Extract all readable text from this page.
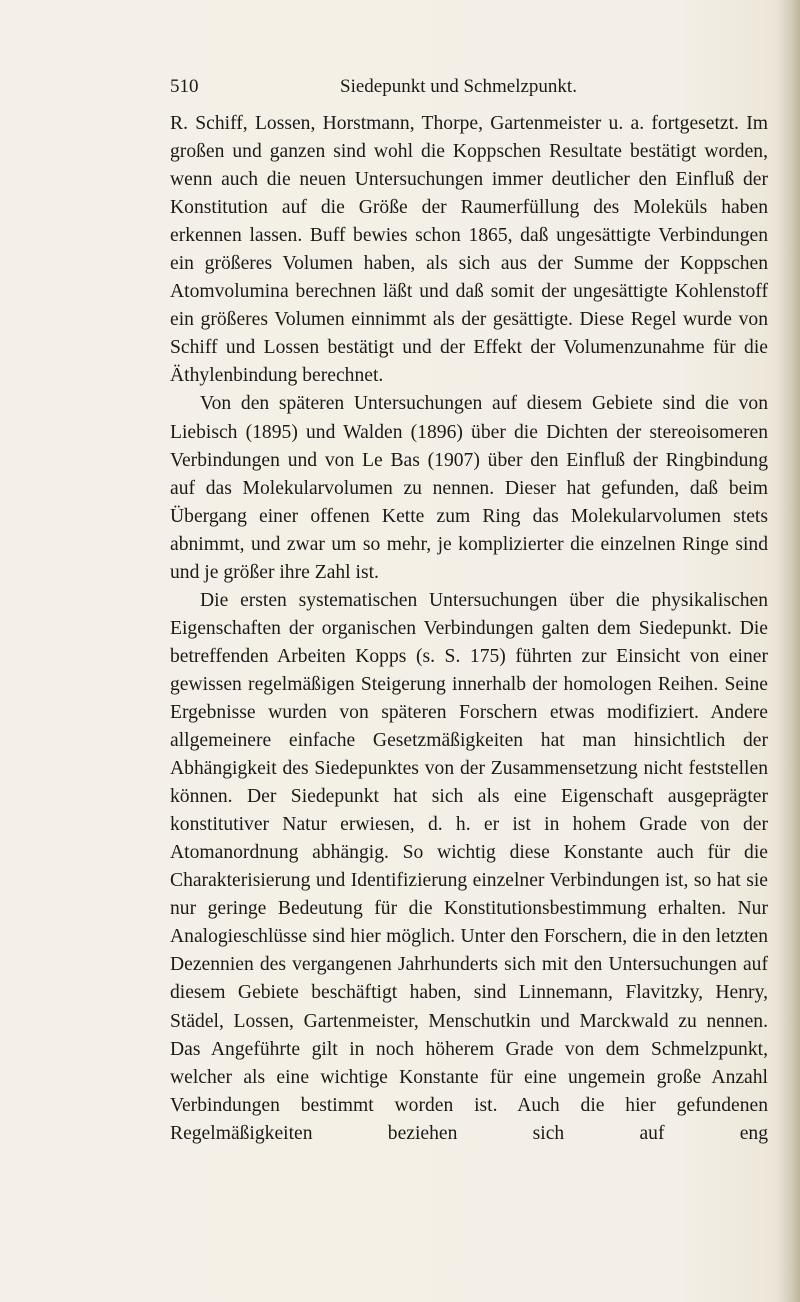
510	Siedepunkt und Schmelzpunkt.

R. Schiff, Lossen, Horstmann, Thorpe, Gartenmeister u. a. fortgesetzt. Im großen und ganzen sind wohl die Koppschen Resultate bestätigt worden, wenn auch die neuen Untersuchungen immer deutlicher den Einfluß der Konstitution auf die Größe der Raumerfüllung des Moleküls haben erkennen lassen. Buff bewies schon 1865, daß ungesättigte Verbindungen ein größeres Volumen haben, als sich aus der Summe der Koppschen Atomvolumina berechnen läßt und daß somit der ungesättigte Kohlenstoff ein größeres Volumen einnimmt als der gesättigte. Diese Regel wurde von Schiff und Lossen bestätigt und der Effekt der Volumenzunahme für die Äthylenbindung berechnet.

Von den späteren Untersuchungen auf diesem Gebiete sind die von Liebisch (1895) und Walden (1896) über die Dichten der stereoisomeren Verbindungen und von Le Bas (1907) über den Einfluß der Ringbindung auf das Molekularvolumen zu nennen. Dieser hat gefunden, daß beim Übergang einer offenen Kette zum Ring das Molekularvolumen stets abnimmt, und zwar um so mehr, je komplizierter die einzelnen Ringe sind und je größer ihre Zahl ist.

Die ersten systematischen Untersuchungen über die physikalischen Eigenschaften der organischen Verbindungen galten dem Siedepunkt. Die betreffenden Arbeiten Kopps (s. S. 175) führten zur Einsicht von einer gewissen regelmäßigen Steigerung innerhalb der homologen Reihen. Seine Ergebnisse wurden von späteren Forschern etwas modifiziert. Andere allgemeinere einfache Gesetzmäßigkeiten hat man hinsichtlich der Abhängigkeit des Siedepunktes von der Zusammensetzung nicht feststellen können. Der Siedepunkt hat sich als eine Eigenschaft ausgeprägter konstitutiver Natur erwiesen, d. h. er ist in hohem Grade von der Atomanordnung abhängig. So wichtig diese Konstante auch für die Charakterisierung und Identifizierung einzelner Verbindungen ist, so hat sie nur geringe Bedeutung für die Konstitutionsbestimmung erhalten. Nur Analogieschlüsse sind hier möglich. Unter den Forschern, die in den letzten Dezennien des vergangenen Jahrhunderts sich mit den Untersuchungen auf diesem Gebiete beschäftigt haben, sind Linnemann, Flavitzky, Henry, Städel, Lossen, Gartenmeister, Menschutkin und Marckwald zu nennen. Das Angeführte gilt in noch höherem Grade von dem Schmelzpunkt, welcher als eine wichtige Konstante für eine ungemein große Anzahl Verbindungen bestimmt worden ist. Auch die hier gefundenen Regelmäßigkeiten beziehen sich auf eng
